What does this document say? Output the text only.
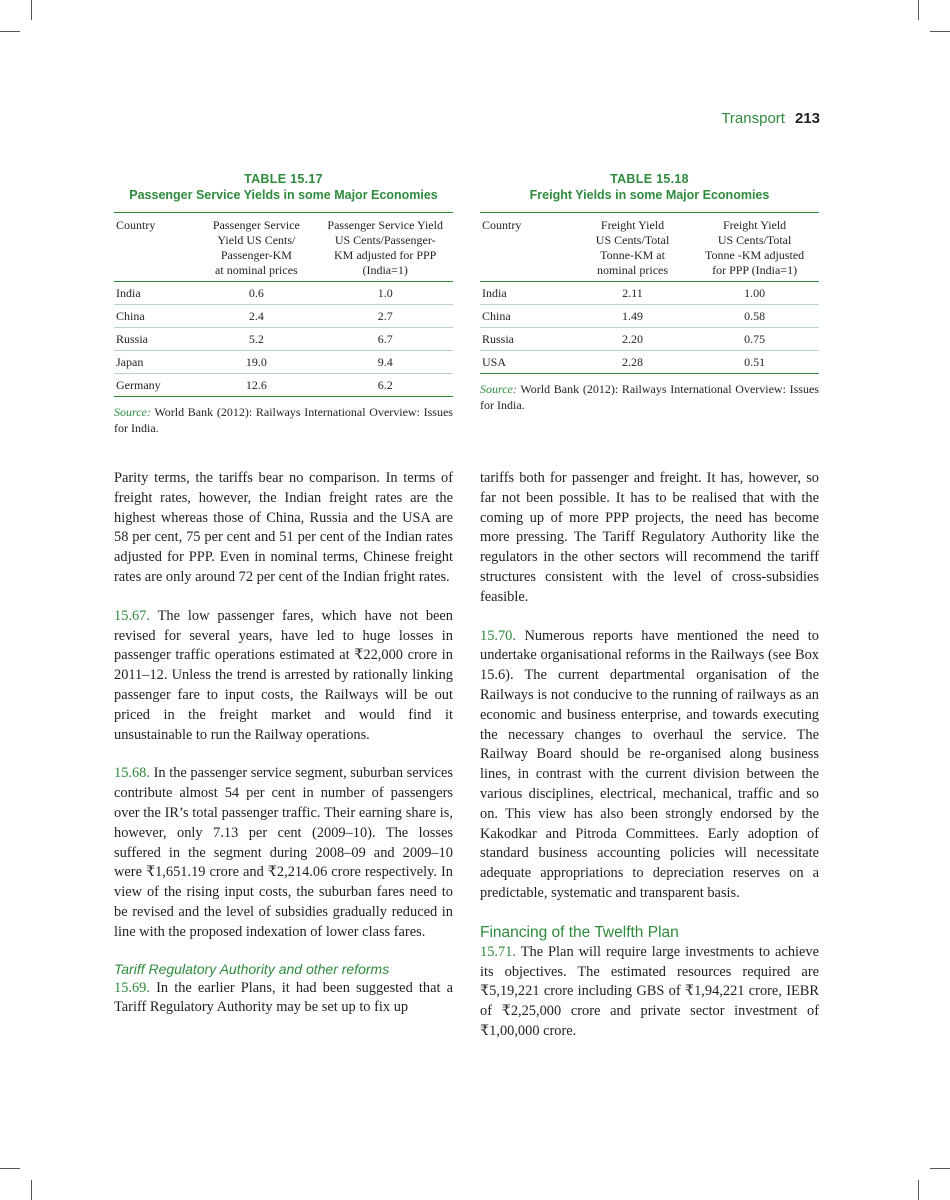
Transport 213
TABLE 15.17
Passenger Service Yields in some Major Economies
Country	Passenger Service
Yield US Cents/
Passenger-KM
at nominal prices	Passenger Service Yield
US Cents/Passenger-
KM adjusted for PPP
(India=1)
India	0.6	1.0
China	2.4	2.7
Russia	5.2	6.7
Japan	19.0	9.4
Germany	12.6	6.2
Source: World Bank (2012): Railways International Overview: Issues for India.
TABLE 15.18
Freight Yields in some Major Economies
Country	Freight Yield
US Cents/Total
Tonne-KM at
nominal prices	Freight Yield
US Cents/Total
Tonne -KM adjusted
for PPP (India=1)
India	2.11	1.00
China	1.49	0.58
Russia	2.20	0.75
USA	2.28	0.51
Source: World Bank (2012): Railways International Overview: Issues for India.

Parity terms, the tariffs bear no comparison. In terms of freight rates, however, the Indian freight rates are the highest whereas those of China, Russia and the USA are 58 per cent, 75 per cent and 51 per cent of the Indian rates adjusted for PPP. Even in nominal terms, Chinese freight rates are only around 72 per cent of the Indian fright rates.

15.67. The low passenger fares, which have not been revised for several years, have led to huge losses in passenger traffic operations estimated at ₹22,000 crore in 2011–12. Unless the trend is arrested by rationally linking passenger fare to input costs, the Railways will be out priced in the freight market and would find it unsustainable to run the Railway operations.

15.68. In the passenger service segment, suburban services contribute almost 54 per cent in number of passengers over the IR’s total passenger traffic. Their earning share is, however, only 7.13 per cent (2009–10). The losses suffered in the segment during 2008–09 and 2009–10 were ₹1,651.19 crore and ₹2,214.06 crore respectively. In view of the rising input costs, the suburban fares need to be revised and the level of subsidies gradually reduced in line with the proposed indexation of lower class fares.

Tariff Regulatory Authority and other reforms

15.69. In the earlier Plans, it had been suggested that a Tariff Regulatory Authority may be set up to fix up

tariffs both for passenger and freight. It has, however, so far not been possible. It has to be realised that with the coming up of more PPP projects, the need has become more pressing. The Tariff Regulatory Authority like the regulators in the other sectors will recommend the tariff structures consistent with the level of cross-subsidies feasible.

15.70. Numerous reports have mentioned the need to undertake organisational reforms in the Railways (see Box 15.6). The current departmental organisation of the Railways is not conducive to the running of railways as an economic and business enterprise, and towards executing the necessary changes to overhaul the service. The Railway Board should be re-organised along business lines, in contrast with the current division between the various disciplines, electrical, mechanical, traffic and so on. This view has also been strongly endorsed by the Kakodkar and Pitroda Committees. Early adoption of standard business accounting policies will necessitate adequate appropriations to depreciation reserves on a predictable, systematic and transparent basis.

Financing of the Twelfth Plan

15.71. The Plan will require large investments to achieve its objectives. The estimated resources required are ₹5,19,221 crore including GBS of ₹1,94,221 crore, IEBR of ₹2,25,000 crore and private sector investment of ₹1,00,000 crore.
